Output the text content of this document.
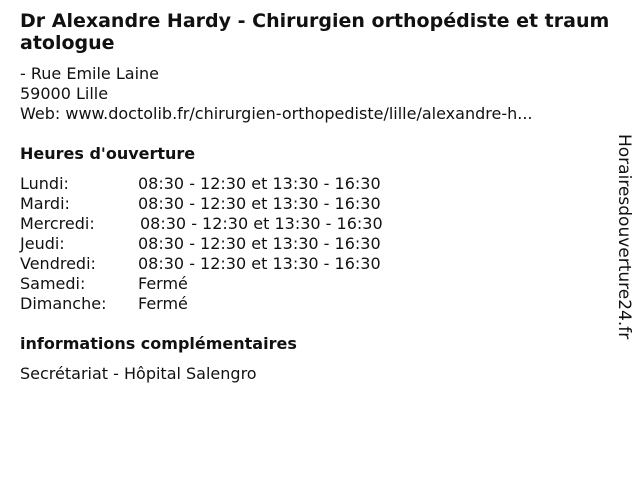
Dr Alexandre Hardy - Chirurgien orthopédiste et traumatologue
- Rue Emile Laine
59000 Lille
Web: www.doctolib.fr/chirurgien-orthopediste/lille/alexandre-h...
Heures d'ouverture
Lundi:	08:30 - 12:30 et 13:30 - 16:30
Mardi:	08:30 - 12:30 et 13:30 - 16:30
Mercredi:	08:30 - 12:30 et 13:30 - 16:30
Jeudi:	08:30 - 12:30 et 13:30 - 16:30
Vendredi:	08:30 - 12:30 et 13:30 - 16:30
Samedi:	Fermé
Dimanche: Fermé
informations complémentaires
Secrétariat - Hôpital Salengro
Horairesdouverture24.fr
